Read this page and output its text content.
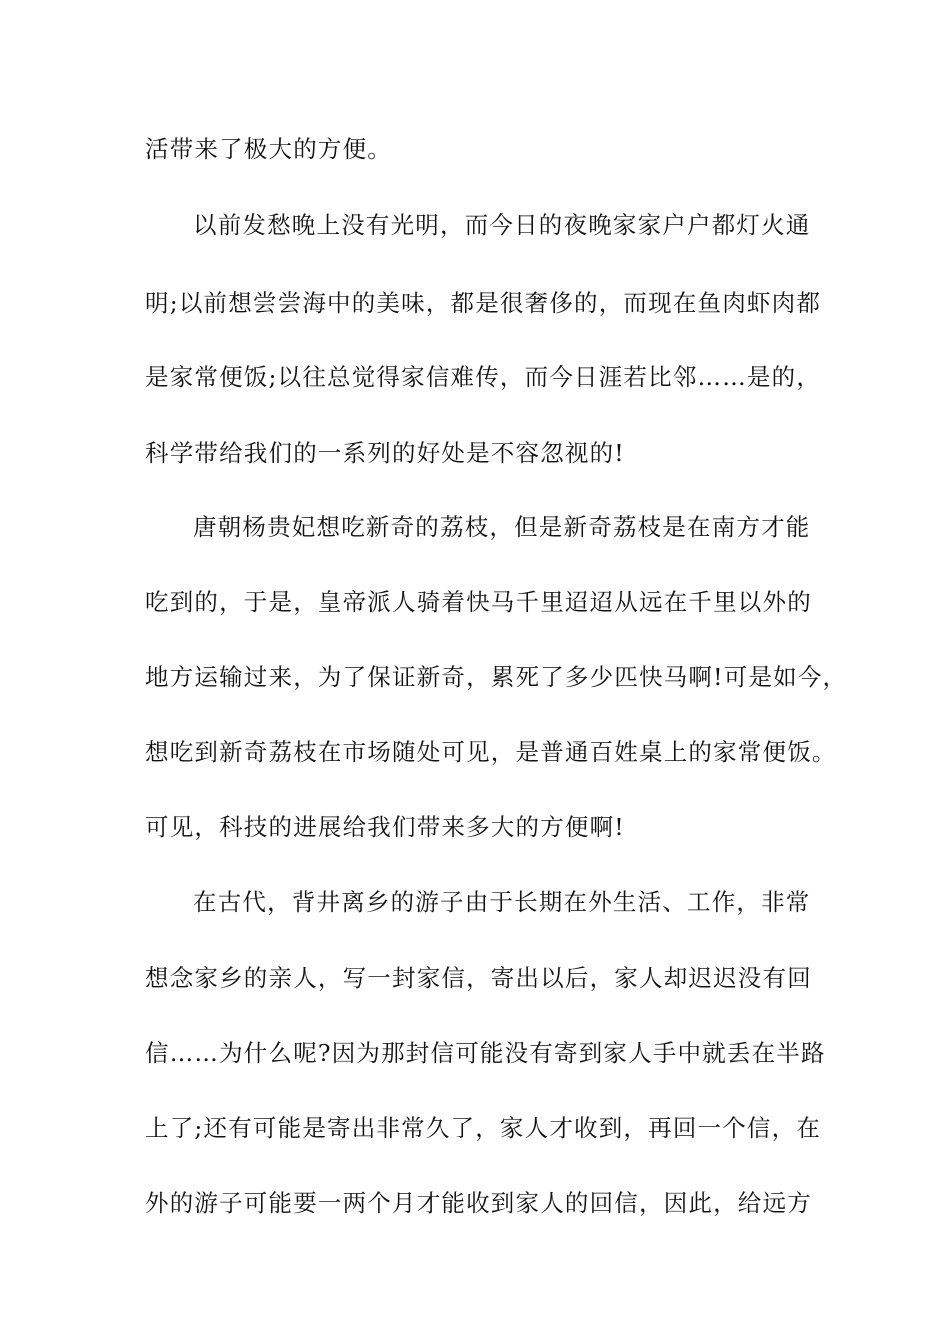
活带来了极大的方便。
以前发愁晚上没有光明，而今日的夜晚家家户户都灯火通
明;以前想尝尝海中的美味，都是很奢侈的，而现在鱼肉虾肉都
是家常便饭;以往总觉得家信难传，而今日涯若比邻……是的，
科学带给我们的一系列的好处是不容忽视的!
唐朝杨贵妃想吃新奇的荔枝，但是新奇荔枝是在南方才能
吃到的，于是，皇帝派人骑着快马千里迢迢从远在千里以外的
地方运输过来，为了保证新奇，累死了多少匹快马啊!可是如今，
想吃到新奇荔枝在市场随处可见，是普通百姓桌上的家常便饭。
可见，科技的进展给我们带来多大的方便啊!
在古代，背井离乡的游子由于长期在外生活、工作，非常
想念家乡的亲人，写一封家信，寄出以后，家人却迟迟没有回
信……为什么呢?因为那封信可能没有寄到家人手中就丢在半路
上了;还有可能是寄出非常久了，家人才收到，再回一个信，在
外的游子可能要一两个月才能收到家人的回信，因此，给远方
